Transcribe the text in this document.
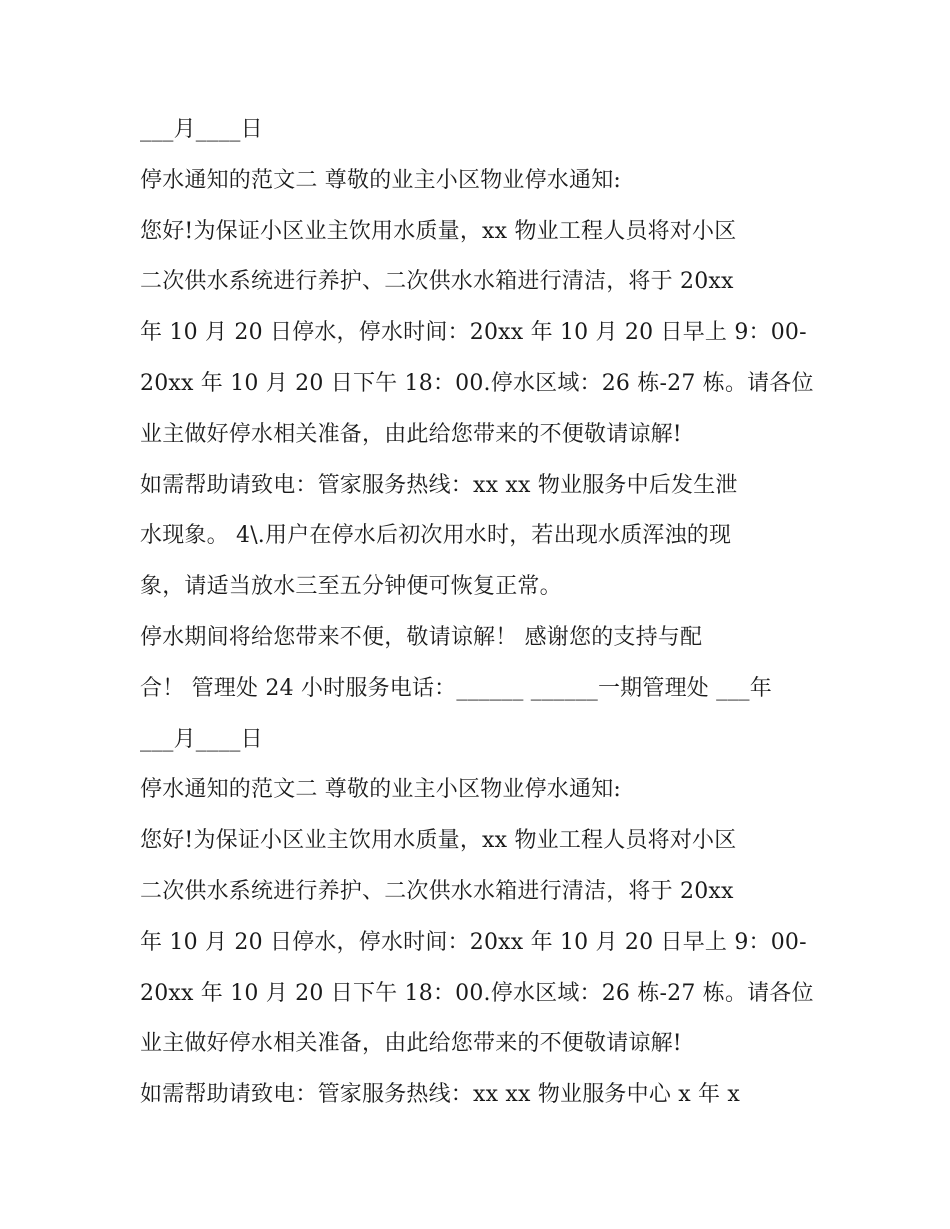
___月____日
停水通知的范文二 尊敬的业主小区物业停水通知:
您好!为保证小区业主饮用水质量，xx 物业工程人员将对小区
二次供水系统进行养护、二次供水水箱进行清洁，将于 20xx
年 10 月 20 日停水，停水时间：20xx 年 10 月 20 日早上 9：00-
20xx 年 10 月 20 日下午 18：00.停水区域：26 栋-27 栋。请各位
业主做好停水相关准备，由此给您带来的不便敬请谅解!
如需帮助请致电：管家服务热线：xx xx 物业服务中后发生泄
水现象。 4\.用户在停水后初次用水时，若出现水质浑浊的现
象，请适当放水三至五分钟便可恢复正常。
停水期间将给您带来不便，敬请谅解！ 感谢您的支持与配
合！ 管理处 24 小时服务电话：______ ______一期管理处 ___年
___月____日
停水通知的范文二 尊敬的业主小区物业停水通知:
您好!为保证小区业主饮用水质量，xx 物业工程人员将对小区
二次供水系统进行养护、二次供水水箱进行清洁，将于 20xx
年 10 月 20 日停水，停水时间：20xx 年 10 月 20 日早上 9：00-
20xx 年 10 月 20 日下午 18：00.停水区域：26 栋-27 栋。请各位
业主做好停水相关准备，由此给您带来的不便敬请谅解!
如需帮助请致电：管家服务热线：xx xx 物业服务中心 x 年 x
